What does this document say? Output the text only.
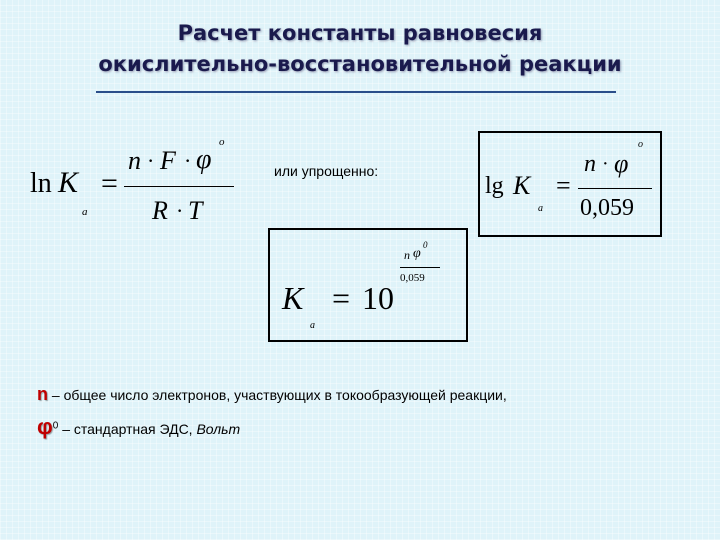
Расчет константы равновесия
окислительно-восстановительной реакции
ln K
a
=
n · F · φ
o
R · T
или упрощенно:
lg K
a
=
n · φ
o
0,059
K
a
= 10
n φ
0
0,059
n – общее число электронов, участвующих в токообразующей реакции,
$\varphi^0$ – стандартная ЭДС, Вольт
